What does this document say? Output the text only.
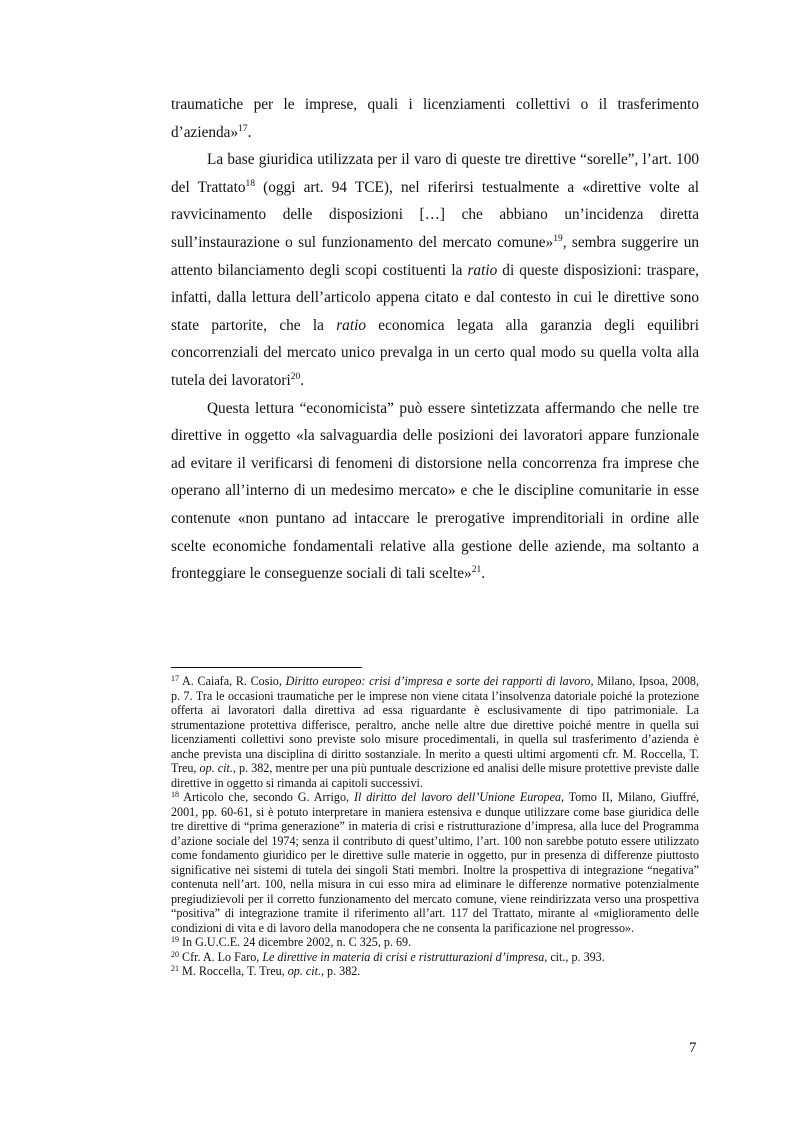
traumatiche per le imprese, quali i licenziamenti collettivi o il trasferimento d’azienda»$^{17}$.

La base giuridica utilizzata per il varo di queste tre direttive “sorelle”, l’art. 100 del Trattato$^{18}$ (oggi art. 94 TCE), nel riferirsi testualmente a «direttive volte al ravvicinamento delle disposizioni […] che abbiano un’incidenza diretta sull’instaurazione o sul funzionamento del mercato comune»$^{19}$, sembra suggerire un attento bilanciamento degli scopi costituenti la ratio di queste disposizioni: traspare, infatti, dalla lettura dell’articolo appena citato e dal contesto in cui le direttive sono state partorite, che la ratio economica legata alla garanzia degli equilibri concorrenziali del mercato unico prevalga in un certo qual modo su quella volta alla tutela dei lavoratori$^{20}$.

Questa lettura “economicista” può essere sintetizzata affermando che nelle tre direttive in oggetto «la salvaguardia delle posizioni dei lavoratori appare funzionale ad evitare il verificarsi di fenomeni di distorsione nella concorrenza fra imprese che operano all’interno di un medesimo mercato» e che le discipline comunitarie in esse contenute «non puntano ad intaccare le prerogative imprenditoriali in ordine alle scelte economiche fondamentali relative alla gestione delle aziende, ma soltanto a fronteggiare le conseguenze sociali di tali scelte»$^{21}$.

$^{17}$ A. Caiafa, R. Cosio, Diritto europeo: crisi d’impresa e sorte dei rapporti di lavoro, Milano, Ipsoa, 2008, p. 7. Tra le occasioni traumatiche per le imprese non viene citata l’insolvenza datoriale poiché la protezione offerta ai lavoratori dalla direttiva ad essa riguardante è esclusivamente di tipo patrimoniale. La strumentazione protettiva differisce, peraltro, anche nelle altre due direttive poiché mentre in quella sui licenziamenti collettivi sono previste solo misure procedimentali, in quella sul trasferimento d’azienda è anche prevista una disciplina di diritto sostanziale. In merito a questi ultimi argomenti cfr. M. Roccella, T. Treu, op. cit., p. 382, mentre per una più puntuale descrizione ed analisi delle misure protettive previste dalle direttive in oggetto si rimanda ai capitoli successivi.

$^{18}$ Articolo che, secondo G. Arrigo, Il diritto del lavoro dell’Unione Europea, Tomo II, Milano, Giuffré, 2001, pp. 60-61, si è potuto interpretare in maniera estensiva e dunque utilizzare come base giuridica delle tre direttive di “prima generazione” in materia di crisi e ristrutturazione d’impresa, alla luce del Programma d’azione sociale del 1974; senza il contributo di quest’ultimo, l’art. 100 non sarebbe potuto essere utilizzato come fondamento giuridico per le direttive sulle materie in oggetto, pur in presenza di differenze piuttosto significative nei sistemi di tutela dei singoli Stati membri. Inoltre la prospettiva di integrazione “negativa” contenuta nell’art. 100, nella misura in cui esso mira ad eliminare le differenze normative potenzialmente pregiudizievoli per il corretto funzionamento del mercato comune, viene reindirizzata verso una prospettiva “positiva” di integrazione tramite il riferimento all’art. 117 del Trattato, mirante al «miglioramento delle condizioni di vita e di lavoro della manodopera che ne consenta la parificazione nel progresso».

$^{19}$ In G.U.C.E. 24 dicembre 2002, n. C 325, p. 69.

$^{20}$ Cfr. A. Lo Faro, Le direttive in materia di crisi e ristrutturazioni d’impresa, cit., p. 393.

$^{21}$ M. Roccella, T. Treu, op. cit., p. 382.

7
